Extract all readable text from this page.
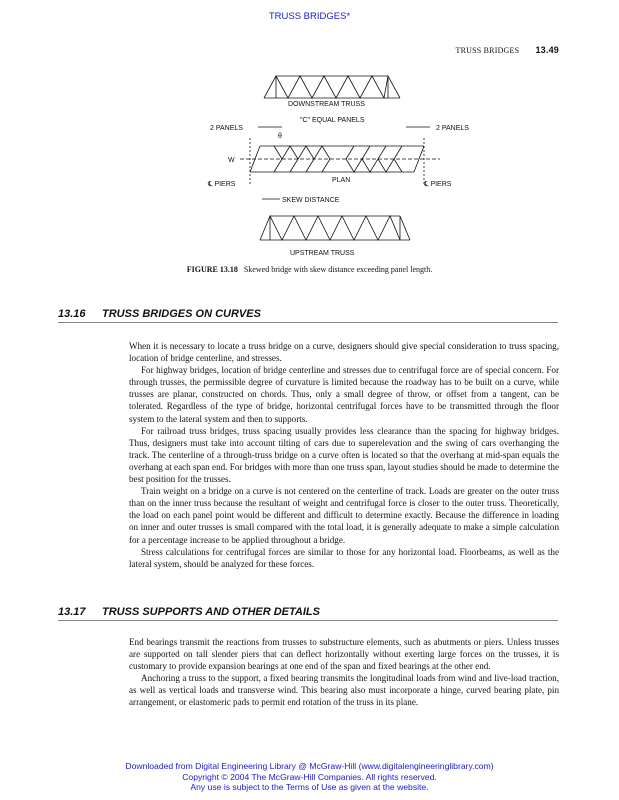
TRUSS BRIDGES*
TRUSS BRIDGES 13.49
DOWNSTREAM TRUSS
"C" EQUAL PANELS
2 PANELS	2 PANELS
θ
W
℄ PIERS
PLAN
℄ PIERS
SKEW DISTANCE
UPSTREAM TRUSS
FIGURE 13.18 Skewed bridge with skew distance exceeding panel length.
13.16 TRUSS BRIDGES ON CURVES

When it is necessary to locate a truss bridge on a curve, designers should give special consideration to truss spacing, location of bridge centerline, and stresses.

For highway bridges, location of bridge centerline and stresses due to centrifugal force are of special concern. For through trusses, the permissible degree of curvature is limited because the roadway has to be built on a curve, while trusses are planar, constructed on chords. Thus, only a small degree of throw, or offset from a tangent, can be tolerated. Regardless of the type of bridge, horizontal centrifugal forces have to be transmitted through the floor system to the lateral system and then to supports.

For railroad truss bridges, truss spacing usually provides less clearance than the spacing for highway bridges. Thus, designers must take into account tilting of cars due to superelevation and the swing of cars overhanging the track. The centerline of a through-truss bridge on a curve often is located so that the overhang at mid-span equals the overhang at each span end. For bridges with more than one truss span, layout studies should be made to determine the best position for the trusses.

Train weight on a bridge on a curve is not centered on the centerline of track. Loads are greater on the outer truss than on the inner truss because the resultant of weight and centrifugal force is closer to the outer truss. Theoretically, the load on each panel point would be different and difficult to determine exactly. Because the difference in loading on inner and outer trusses is small compared with the total load, it is generally adequate to make a simple calculation for a percentage increase to be applied throughout a bridge.

Stress calculations for centrifugal forces are similar to those for any horizontal load. Floorbeams, as well as the lateral system, should be analyzed for these forces.

13.17 TRUSS SUPPORTS AND OTHER DETAILS

End bearings transmit the reactions from trusses to substructure elements, such as abutments or piers. Unless trusses are supported on tall slender piers that can deflect horizontally without exerting large forces on the trusses, it is customary to provide expansion bearings at one end of the span and fixed bearings at the other end.

Anchoring a truss to the support, a fixed bearing transmits the longitudinal loads from wind and live-load traction, as well as vertical loads and transverse wind. This bearing also must incorporate a hinge, curved bearing plate, pin arrangement, or elastomeric pads to permit end rotation of the truss in its plane.

Downloaded from Digital Engineering Library @ McGraw-Hill (www.digitalengineeringlibrary.com)
Copyright © 2004 The McGraw-Hill Companies. All rights reserved.
Any use is subject to the Terms of Use as given at the website.
